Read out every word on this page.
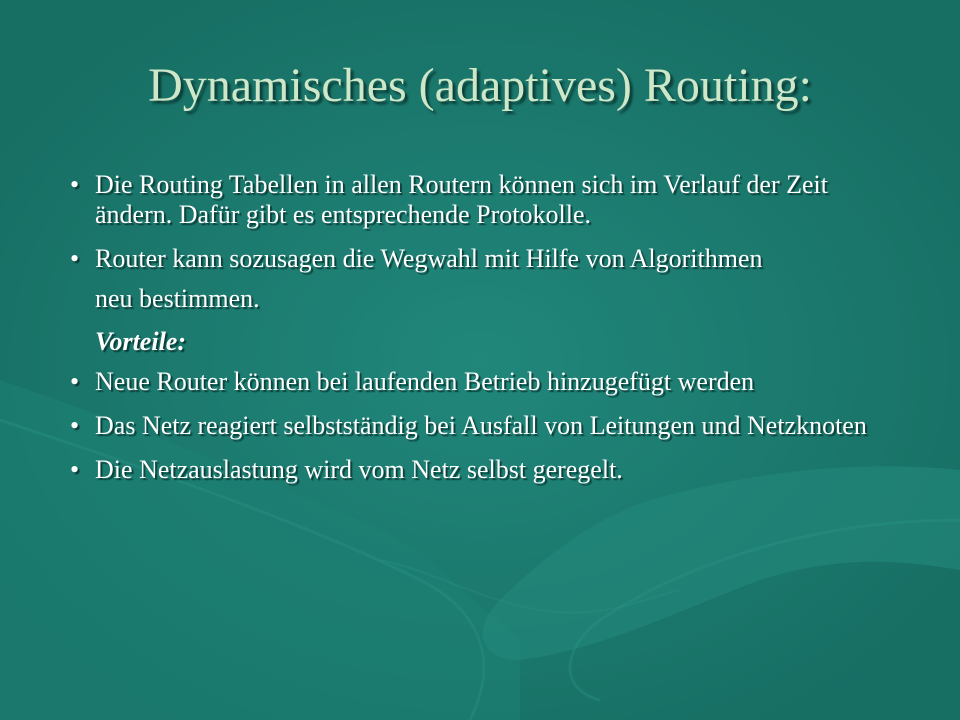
Dynamisches (adaptives) Routing:
• Die Routing Tabellen in allen Routern können sich im Verlauf der Zeit ändern. Dafür gibt es entsprechende Protokolle.
• Router kann sozusagen die Wegwahl mit Hilfe von Algorithmen
neu bestimmen.
Vorteile:
• Neue Router können bei laufenden Betrieb hinzugefügt werden
• Das Netz reagiert selbstständig bei Ausfall von Leitungen und Netzknoten
• Die Netzauslastung wird vom Netz selbst geregelt.
